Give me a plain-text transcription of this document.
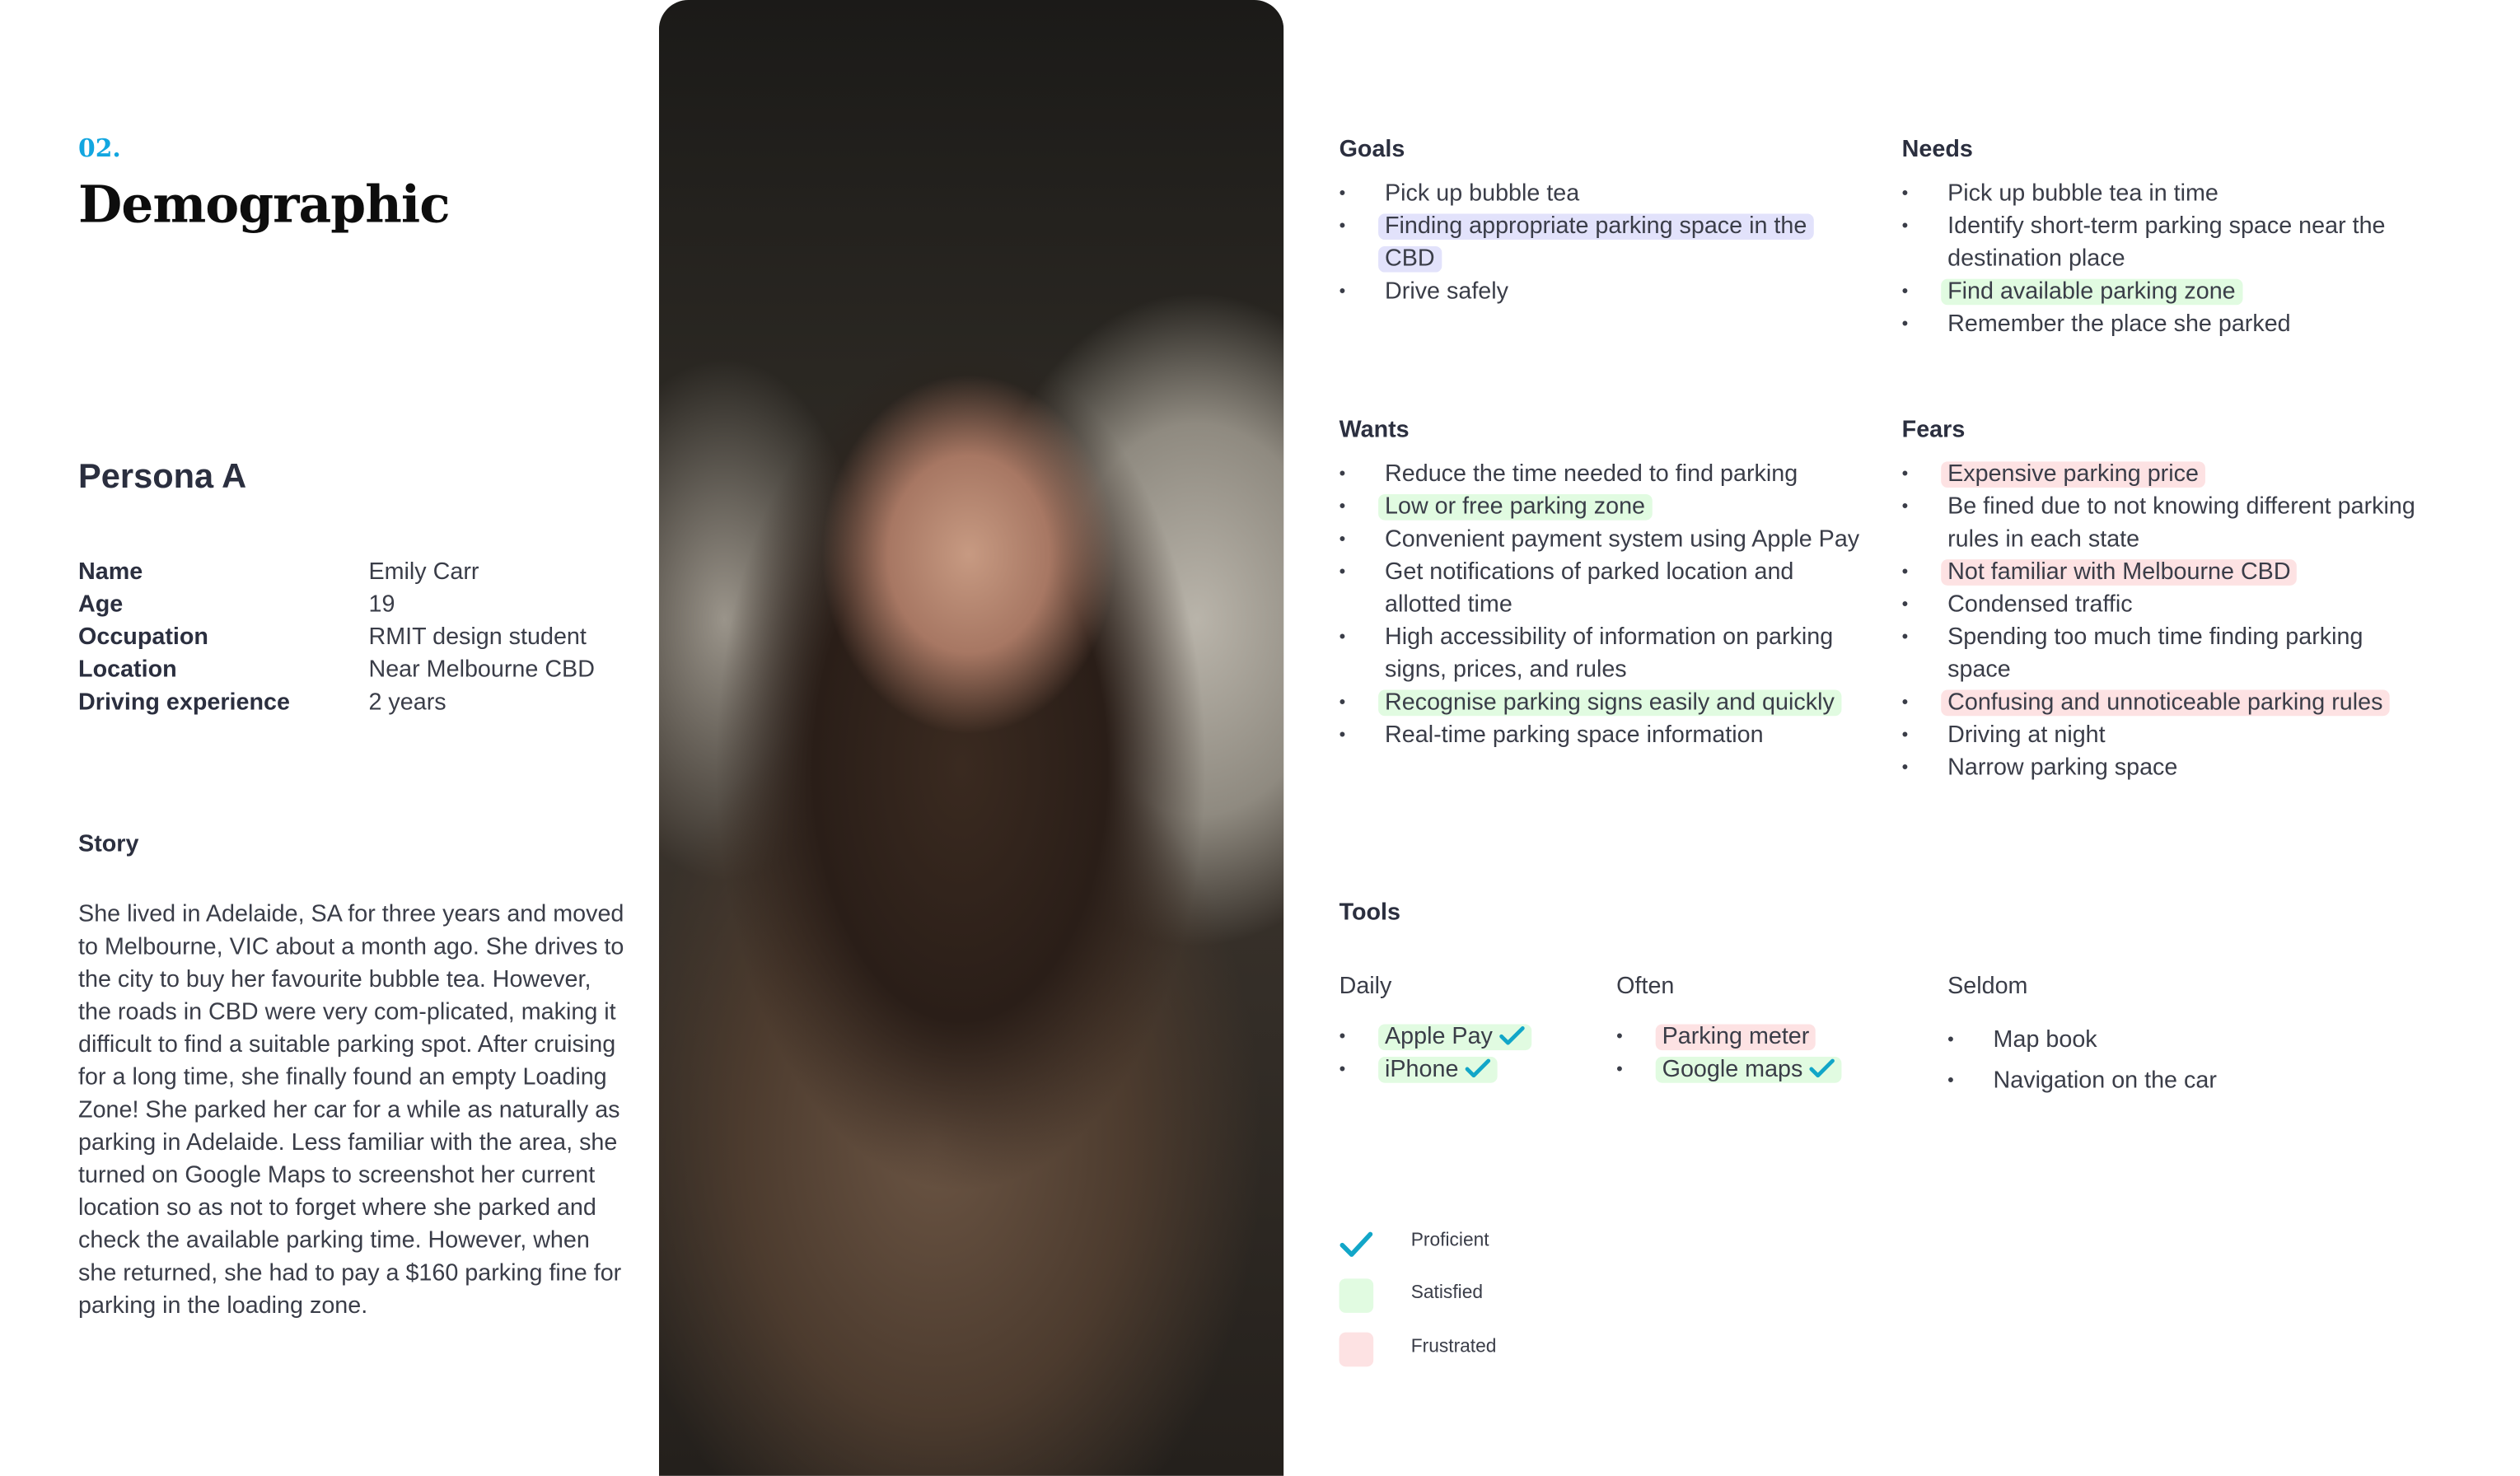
02.
Demographic
Persona A
Name	Emily Carr
Age	19
Occupation	RMIT design student
Location	Near Melbourne CBD
Driving experience	2 years
Story
She lived in Adelaide, SA for three years and moved to Melbourne, VIC about a month ago. She drives to the city to buy her favourite bubble tea. However, the roads in CBD were very com-plicated, making it difficult to find a suitable parking spot. After cruising for a long time, she finally found an empty Loading Zone! She parked her car for a while as naturally as parking in Adelaide. Less familiar with the area, she turned on Google Maps to screenshot her current location so as not to forget where she parked and check the available parking time. However, when she returned, she had to pay a $160 parking fine for parking in the loading zone.
Goals
• Pick up bubble tea
• Finding appropriate parking space in the CBD
• Drive safely
Needs
• Pick up bubble tea in time
• Identify short-term parking space near the destination place
• Find available parking zone
• Remember the place she parked
Wants
• Reduce the time needed to find parking
• Low or free parking zone
• Convenient payment system using Apple Pay
• Get notifications of parked location and allotted time
• High accessibility of information on parking signs, prices, and rules
• Recognise parking signs easily and quickly
• Real-time parking space information
Fears
• Expensive parking price
• Be fined due to not knowing different parking rules in each state
• Not familiar with Melbourne CBD
• Condensed traffic
• Spending too much time finding parking space
• Confusing and unnoticeable parking rules
• Driving at night
• Narrow parking space
Tools
Daily
• Apple Pay
• iPhone
Often
• Parking meter
• Google maps
Seldom
• Map book
• Navigation on the car
Proficient
Satisfied
Frustrated
